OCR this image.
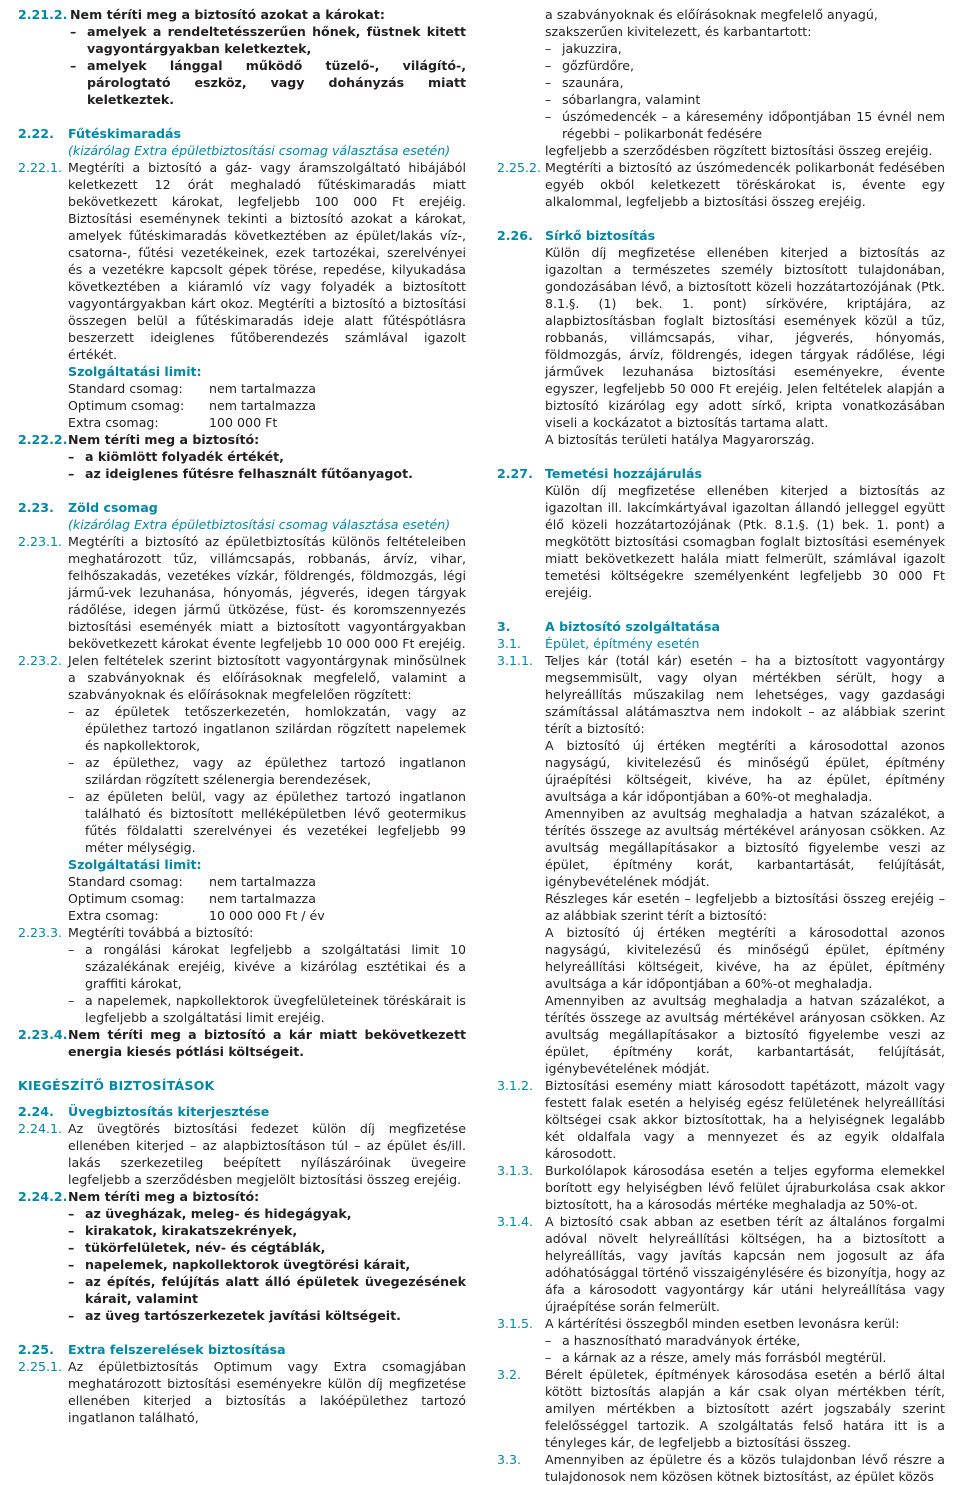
2.21.2. Nem téríti meg a biztosító azokat a károkat:
– amelyek a rendeltetésszerűen hőnek, füstnek kitett vagyontárgyakban keletkeztek,
– amelyek lánggal működő tüzelő-, világító-, párologtató eszköz, vagy dohányzás miatt keletkeztek.
2.22.	Fűtéskimaradás
(kizárólag Extra épületbiztosítási csomag választása esetén)
2.22.1. Megtéríti a biztosító a gáz- vagy áramszolgáltató hibájából keletkezett 12 órát meghaladó fűtéskimaradás miatt bekövetkezett károkat, legfeljebb 100 000 Ft erejéig. Biztosítási eseménynek tekinti a biztosító azokat a károkat, amelyek fűtéskimaradás következtében az épület/lakás víz-, csatorna-, fűtési vezetékeinek, ezek tartozékai, szerelvényei és a vezetékre kapcsolt gépek törése, repedése, kilyukadása következtében a kiáramló víz vagy folyadék a biztosított vagyontárgyakban kárt okoz. Megtéríti a biztosító a biztosítási összegen belül a fűtéskimaradás ideje alatt fűtéspótlásra beszerzett ideiglenes fűtőberendezés számlával igazolt értékét.
Szolgáltatási limit:
Standard csomag:	nem tartalmazza
Optimum csomag:	nem tartalmazza
Extra csomag:	100 000 Ft
2.22.2. Nem téríti meg a biztosító:
– a kiömlött folyadék értékét,
– az ideiglenes fűtésre felhasznált fűtőanyagot.
2.23.	Zöld csomag
(kizárólag Extra épületbiztosítási csomag választása esetén)
2.23.1. Megtéríti a biztosító az épületbiztosítás különös feltételeiben meghatározott tűz, villámcsapás, robbanás, árvíz, vihar, felhőszakadás, vezetékes vízkár, földrengés, földmozgás, légi jármű-vek lezuhanása, hónyomás, jégverés, idegen tárgyak rádőlése, idegen jármű ütközése, füst- és koromszennyezés biztosítási eseményék miatt a biztosított vagyontárgyakban bekövetkezett károkat évente legfeljebb 10 000 000 Ft erejéig.
2.23.2. Jelen feltételek szerint biztosított vagyontárgynak minősülnek a szabványoknak és előírásoknak megfelelő, valamint a szabványoknak és előírásoknak megfelelően rögzített:
– az épületek tetőszerkezetén, homlokzatán, vagy az épülethez tartozó ingatlanon szilárdan rögzített napelemek és napkollektorok,
– az épülethez, vagy az épülethez tartozó ingatlanon szilárdan rögzített szélenergia berendezések,
– az épületen belül, vagy az épülethez tartozó ingatlanon található és biztosított melléképületben lévő geotermikus fűtés földalatti szerelvényei és vezetékei legfeljebb 99 méter mélységig.
Szolgáltatási limit:
Standard csomag:	nem tartalmazza
Optimum csomag:	nem tartalmazza
Extra csomag:	10 000 000 Ft / év
2.23.3. Megtéríti továbbá a biztosító:
– a rongálási károkat legfeljebb a szolgáltatási limit 10 százalékának erejéig, kivéve a kizárólag esztétikai és a graffiti károkat,
– a napelemek, napkollektorok üvegfelületeinek töréskárait is legfeljebb a szolgáltatási limit erejéig.
2.23.4. Nem téríti meg a biztosító a kár miatt bekövetkezett energia kiesés pótlási költségeit.
KIEGÉSZÍTŐ BIZTOSÍTÁSOK
2.24.	Üvegbiztosítás kiterjesztése
2.24.1. Az üvegtörés biztosítási fedezet külön díj megfizetése ellenében kiterjed – az alapbiztosításon túl – az épület és/ill. lakás szerkezetileg beépített nyílászáróinak üvegeire legfeljebb a szerződésben megjelölt biztosítási összeg erejéig.
2.24.2. Nem téríti meg a biztosító:
– az üvegházak, meleg- és hidegágyak,
– kirakatok, kirakatszekrények,
– tükörfelületek, név- és cégtáblák,
– napelemek, napkollektorok üvegtörési kárait,
– az építés, felújítás alatt álló épületek üvegezésének kárait, valamint
– az üveg tartószerkezetek javítási költségeit.
2.25.	Extra felszerelések biztosítása
2.25.1. Az épületbiztosítás Optimum vagy Extra csomagjában meghatározott biztosítási eseményekre külön díj megfizetése ellenében kiterjed a biztosítás a lakóépülethez tartozó ingatlanon található,
a szabványoknak és előírásoknak megfelelő anyagú, szakszerűen kivitelezett, és karbantartott:
– jakuzzira,
– gőzfürdőre,
– szaunára,
– sóbarlangra, valamint
– úszómedencék – a káresemény időpontjában 15 évnél nem régebbi – polikarbonát fedésére
legfeljebb a szerződésben rögzített biztosítási összeg erejéig.
2.25.2. Megtéríti a biztosító az úszómedencék polikarbonát fedésében egyéb okból keletkezett töréskárokat is, évente egy alkalommal, legfeljebb a biztosítási összeg erejéig.
2.26. Sírkő biztosítás
Külön díj megfizetése ellenében kiterjed a biztosítás az igazoltan a természetes személy biztosított tulajdonában, gondozásában lévő, a biztosított közeli hozzátartozójának (Ptk. 8.1.§. (1) bek. 1. pont) sírkövére, kriptájára, az alapbiztosításban foglalt biztosítási események közül a tűz, robbanás, villámcsapás, vihar, jégverés, hónyomás, földmozgás, árvíz, földrengés, idegen tárgyak rádőlése, légi járművek lezuhanása biztosítási eseményekre, évente egyszer, legfeljebb 50 000 Ft erejéig. Jelen feltételek alapján a biztosító kizárólag egy adott sírkő, kripta vonatkozásában viseli a kockázatot a biztosítás tartama alatt.
A biztosítás területi hatálya Magyarország.
2.27. Temetési hozzájárulás
Külön díj megfizetése ellenében kiterjed a biztosítás az igazoltan ill. lakcímkártyával igazoltan állandó jelleggel együtt élő közeli hozzátartozójának (Ptk. 8.1.§. (1) bek. 1. pont) a megkötött biztosítási csomagban foglalt biztosítási események miatt bekövetkezett halála miatt felmerült, számlával igazolt temetési költségekre személyenként legfeljebb 30 000 Ft erejéig.
3.	A biztosító szolgáltatása
3.1.	Épület, építmény esetén
3.1.1. Teljes kár (totál kár) esetén – ha a biztosított vagyontárgy megsemmisült, vagy olyan mértékben sérült, hogy a helyreállítás műszakilag nem lehetséges, vagy gazdasági számítással alátámasztva nem indokolt – az alábbiak szerint térít a biztosító:
A biztosító új értéken megtéríti a károsodottal azonos nagyságú, kivitelezésű és minőségű épület, építmény újraépítési költségeit, kivéve, ha az épület, építmény avultsága a kár időpontjában a 60%-ot meghaladja.
Amennyiben az avultság meghaladja a hatvan százalékot, a térítés összege az avultság mértékével arányosan csökken. Az avultság megállapításakor a biztosító figyelembe veszi az épület, építmény korát, karbantartását, felújítását, igénybevételének módját.
Részleges kár esetén – legfeljebb a biztosítási összeg erejéig – az alábbiak szerint térít a biztosító:
A biztosító új értéken megtéríti a károsodottal azonos nagyságú, kivitelezésű és minőségű épület, építmény helyreállítási költségeit, kivéve, ha az épület, építmény avultsága a kár időpontjában a 60%-ot meghaladja.
Amennyiben az avultság meghaladja a hatvan százalékot, a térítés összege az avultság mértékével arányosan csökken. Az avultság megállapításakor a biztosító figyelembe veszi az épület, építmény korát, karbantartását, felújítását, igénybevételének módját.
3.1.2. Biztosítási esemény miatt károsodott tapétázott, mázolt vagy festett falak esetén a helyiség egész felületének helyreállítási költségei csak akkor biztosítottak, ha a helyiségnek legalább két oldalfala vagy a mennyezet és az egyik oldalfala károsodott.
3.1.3. Burkolólapok károsodása esetén a teljes egyforma elemekkel borított egy helyiségben lévő felület újraburkolása csak akkor biztosított, ha a károsodás mértéke meghaladja az 50%-ot.
3.1.4. A biztosító csak abban az esetben térít az általános forgalmi adóval növelt helyreállítási költségen, ha a biztosított a helyreállítás, vagy javítás kapcsán nem jogosult az áfa adóhatósággal történő visszaigénylésére és bizonyítja, hogy az áfa a károsodott vagyontárgy kár utáni helyreállítása vagy újraépítése során felmerült.
3.1.5. A kártérítési összegből minden esetben levonásra kerül:
– a hasznosítható maradványok értéke,
– a kárnak az a része, amely más forrásból megtérül.
3.2.	Bérelt épületek, építmények károsodása esetén a bérlő által kötött biztosítás alapján a kár csak olyan mértékben térít, amilyen mértékben a biztosított azért jogszabály szerint felelősséggel tartozik. A szolgáltatás felső határa itt is a tényleges kár, de legfeljebb a biztosítási összeg.
3.3.	Amennyiben az épületre és a közös tulajdonban lévő részre a tulajdonosok nem közösen kötnek biztosítást, az épület közös
